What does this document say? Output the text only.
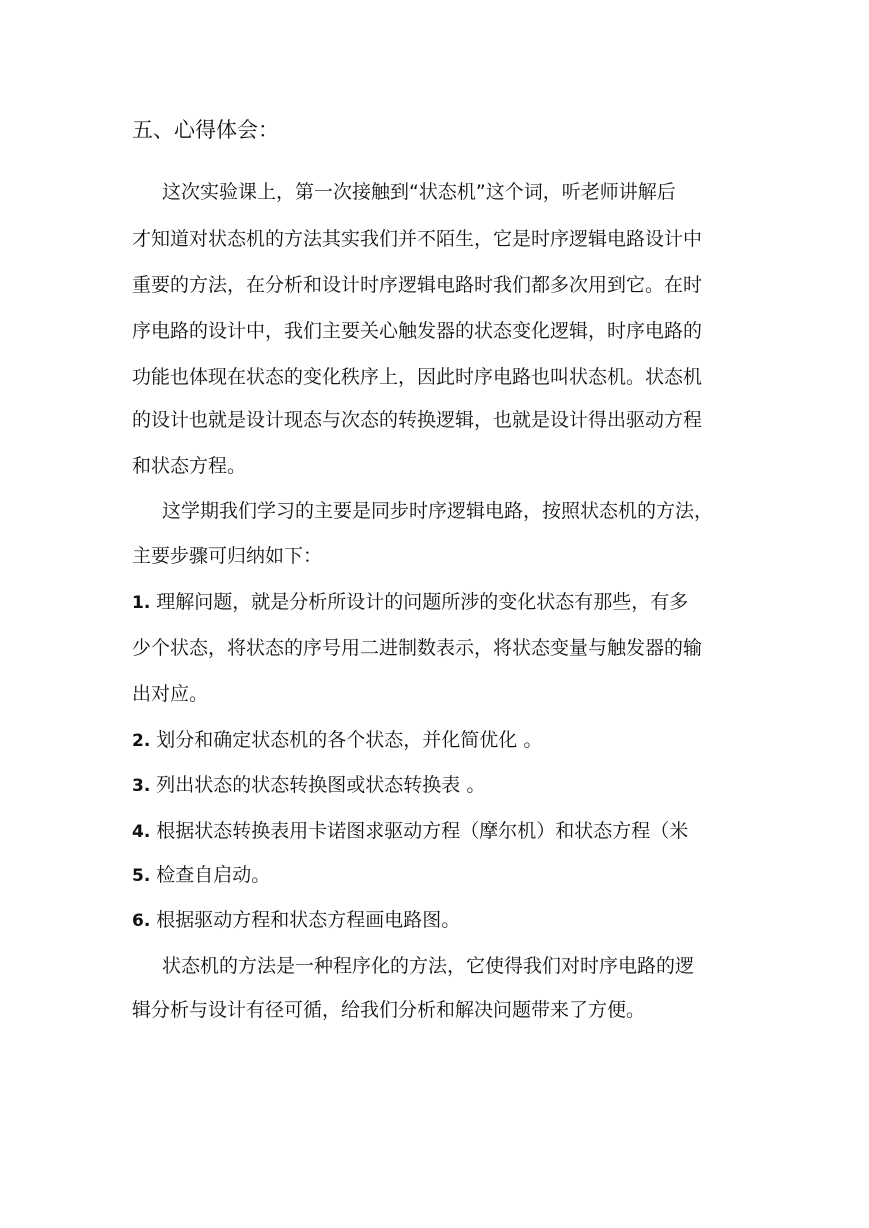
五、心得体会：
这次实验课上，第一次接触到“状态机”这个词，听老师讲解后
才知道对状态机的方法其实我们并不陌生，它是时序逻辑电路设计中
重要的方法，在分析和设计时序逻辑电路时我们都多次用到它。在时
序电路的设计中，我们主要关心触发器的状态变化逻辑，时序电路的
功能也体现在状态的变化秩序上，因此时序电路也叫状态机。状态机
的设计也就是设计现态与次态的转换逻辑，也就是设计得出驱动方程
和状态方程。
这学期我们学习的主要是同步时序逻辑电路，按照状态机的方法，
主要步骤可归纳如下：
1. 理解问题，就是分析所设计的问题所涉的变化状态有那些，有多
少个状态，将状态的序号用二进制数表示，将状态变量与触发器的输
出对应。
2. 划分和确定状态机的各个状态，并化简优化 。
3. 列出状态的状态转换图或状态转换表 。
4. 根据状态转换表用卡诺图求驱动方程（摩尔机）和状态方程（米
5. 检查自启动。
6. 根据驱动方程和状态方程画电路图。
状态机的方法是一种程序化的方法，它使得我们对时序电路的逻
辑分析与设计有径可循，给我们分析和解决问题带来了方便。
